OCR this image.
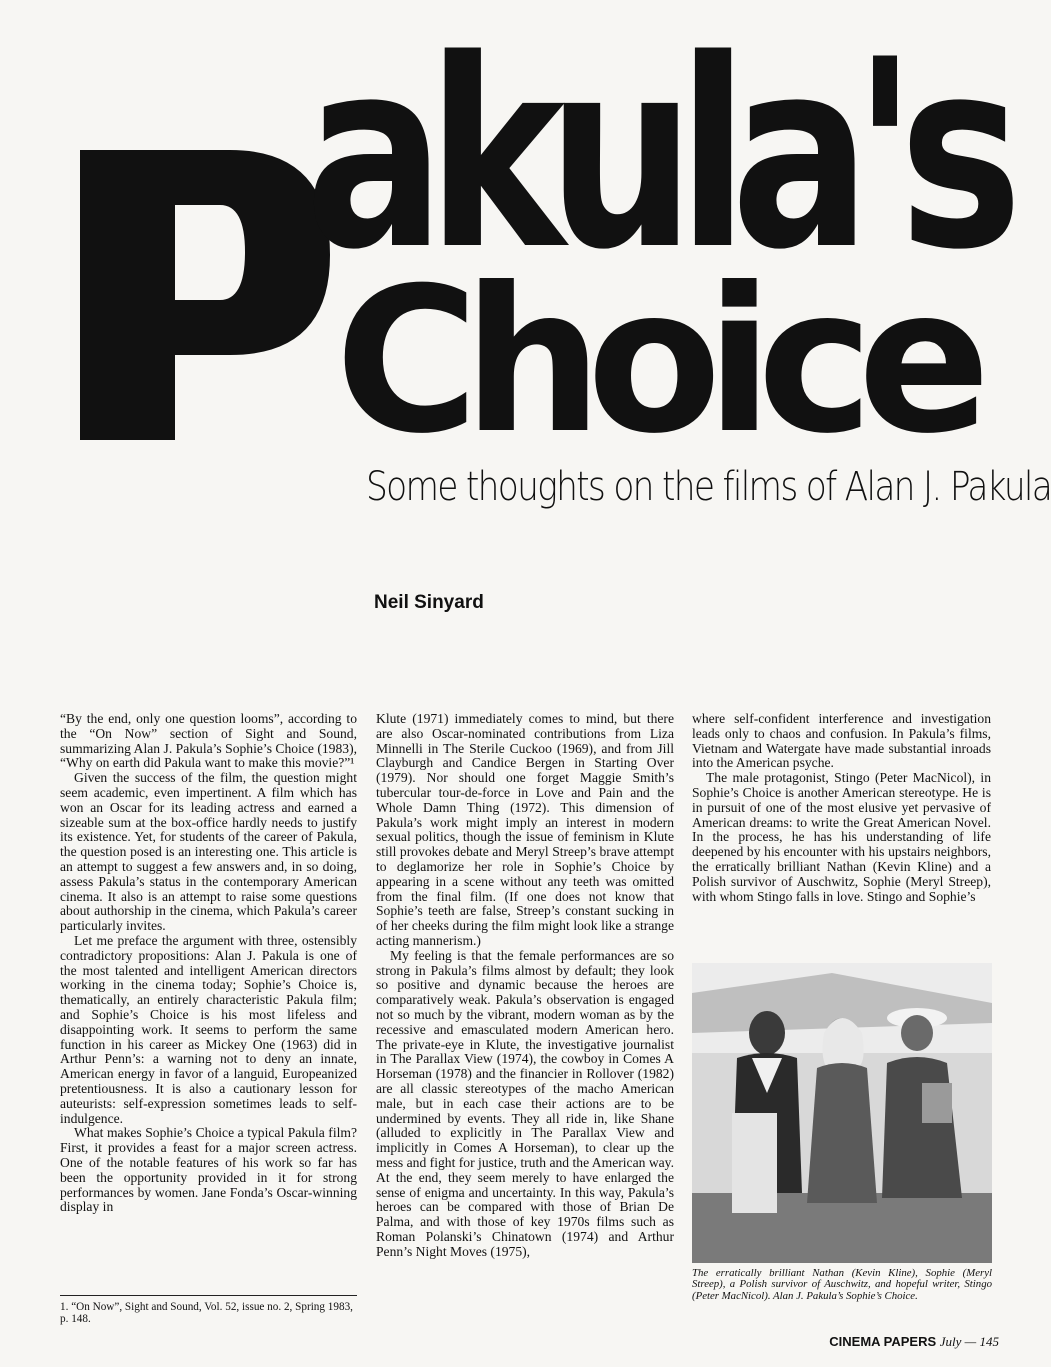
akula's
Choice
Some thoughts on the films of Alan J. Pakula
Neil Sinyard

“By the end, only one question looms”, according to the “On Now” section of Sight and Sound, summarizing Alan J. Pakula’s Sophie’s Choice (1983), “Why on earth did Pakula want to make this movie?”¹

Given the success of the film, the question might seem academic, even impertinent. A film which has won an Oscar for its leading actress and earned a sizeable sum at the box-office hardly needs to justify its existence. Yet, for students of the career of Pakula, the question posed is an interesting one. This article is an attempt to suggest a few answers and, in so doing, assess Pakula’s status in the contemporary American cinema. It also is an attempt to raise some questions about authorship in the cinema, which Pakula’s career particularly invites.

Let me preface the argument with three, ostensibly contradictory propositions: Alan J. Pakula is one of the most talented and intelligent American directors working in the cinema today; Sophie’s Choice is, thematically, an entirely characteristic Pakula film; and Sophie’s Choice is his most lifeless and disappointing work. It seems to perform the same function in his career as Mickey One (1963) did in Arthur Penn’s: a warning not to deny an innate, American energy in favor of a languid, Europeanized pretentiousness. It is also a cautionary lesson for auteurists: self-expression sometimes leads to self-indulgence.

What makes Sophie’s Choice a typical Pakula film? First, it provides a feast for a major screen actress. One of the notable features of his work so far has been the opportunity provided in it for strong performances by women. Jane Fonda’s Oscar-winning display in

Klute (1971) immediately comes to mind, but there are also Oscar-nominated contributions from Liza Minnelli in The Sterile Cuckoo (1969), and from Jill Clayburgh and Candice Bergen in Starting Over (1979). Nor should one forget Maggie Smith’s tubercular tour-de-force in Love and Pain and the Whole Damn Thing (1972). This dimension of Pakula’s work might imply an interest in modern sexual politics, though the issue of feminism in Klute still provokes debate and Meryl Streep’s brave attempt to deglamorize her role in Sophie’s Choice by appearing in a scene without any teeth was omitted from the final film. (If one does not know that Sophie’s teeth are false, Streep’s constant sucking in of her cheeks during the film might look like a strange acting mannerism.)

My feeling is that the female performances are so strong in Pakula’s films almost by default; they look so positive and dynamic because the heroes are comparatively weak. Pakula’s observation is engaged not so much by the vibrant, modern woman as by the recessive and emasculated modern American hero. The private-eye in Klute, the investigative journalist in The Parallax View (1974), the cowboy in Comes A Horseman (1978) and the financier in Rollover (1982) are all classic stereotypes of the macho American male, but in each case their actions are to be undermined by events. They all ride in, like Shane (alluded to explicitly in The Parallax View and implicitly in Comes A Horseman), to clear up the mess and fight for justice, truth and the American way. At the end, they seem merely to have enlarged the sense of enigma and uncertainty. In this way, Pakula’s heroes can be compared with those of Brian De Palma, and with those of key 1970s films such as Roman Polanski’s Chinatown (1974) and Arthur Penn’s Night Moves (1975),

where self-confident interference and investigation leads only to chaos and confusion. In Pakula’s films, Vietnam and Watergate have made substantial inroads into the American psyche.

The male protagonist, Stingo (Peter MacNicol), in Sophie’s Choice is another American stereotype. He is in pursuit of one of the most elusive yet pervasive of American dreams: to write the Great American Novel. In the process, he has his understanding of life deepened by his encounter with his upstairs neighbors, the erratically brilliant Nathan (Kevin Kline) and a Polish survivor of Auschwitz, Sophie (Meryl Streep), with whom Stingo falls in love. Stingo and Sophie’s

The erratically brilliant Nathan (Kevin Kline), Sophie (Meryl Streep), a Polish survivor of Auschwitz, and hopeful writer, Stingo (Peter MacNicol). Alan J. Pakula’s Sophie’s Choice.
1. “On Now”, Sight and Sound, Vol. 52, issue no. 2, Spring 1983, p. 148.
CINEMA PAPERS July — 145
